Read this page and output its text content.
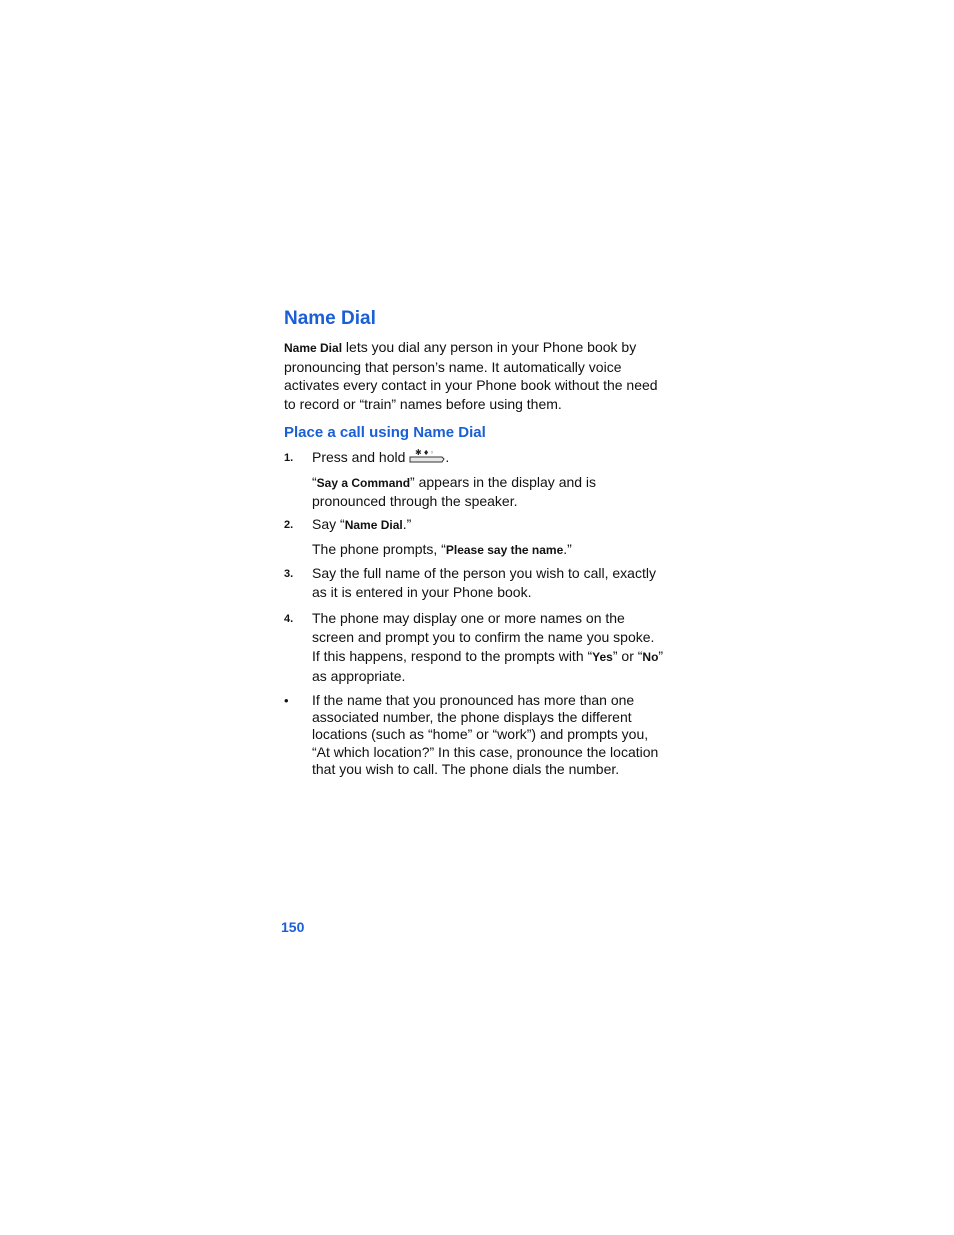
Name Dial

Name Dial lets you dial any person in your Phone book by pronouncing that person’s name. It automatically voice activates every contact in your Phone book without the need to record or “train” names before using them.

Place a call using Name Dial
1. Press and hold ✱ ♦ ◦ .
“Say a Command” appears in the display and is pronounced through the speaker.
2. Say “Name Dial.”
The phone prompts, “Please say the name.”
3. Say the full name of the person you wish to call, exactly as it is entered in your Phone book.
4. The phone may display one or more names on the screen and prompt you to confirm the name you spoke. If this happens, respond to the prompts with “Yes” or “No” as appropriate.
• If the name that you pronounced has more than one associated number, the phone displays the different locations (such as “home” or “work”) and prompts you, “At which location?” In this case, pronounce the location that you wish to call. The phone dials the number.
150
